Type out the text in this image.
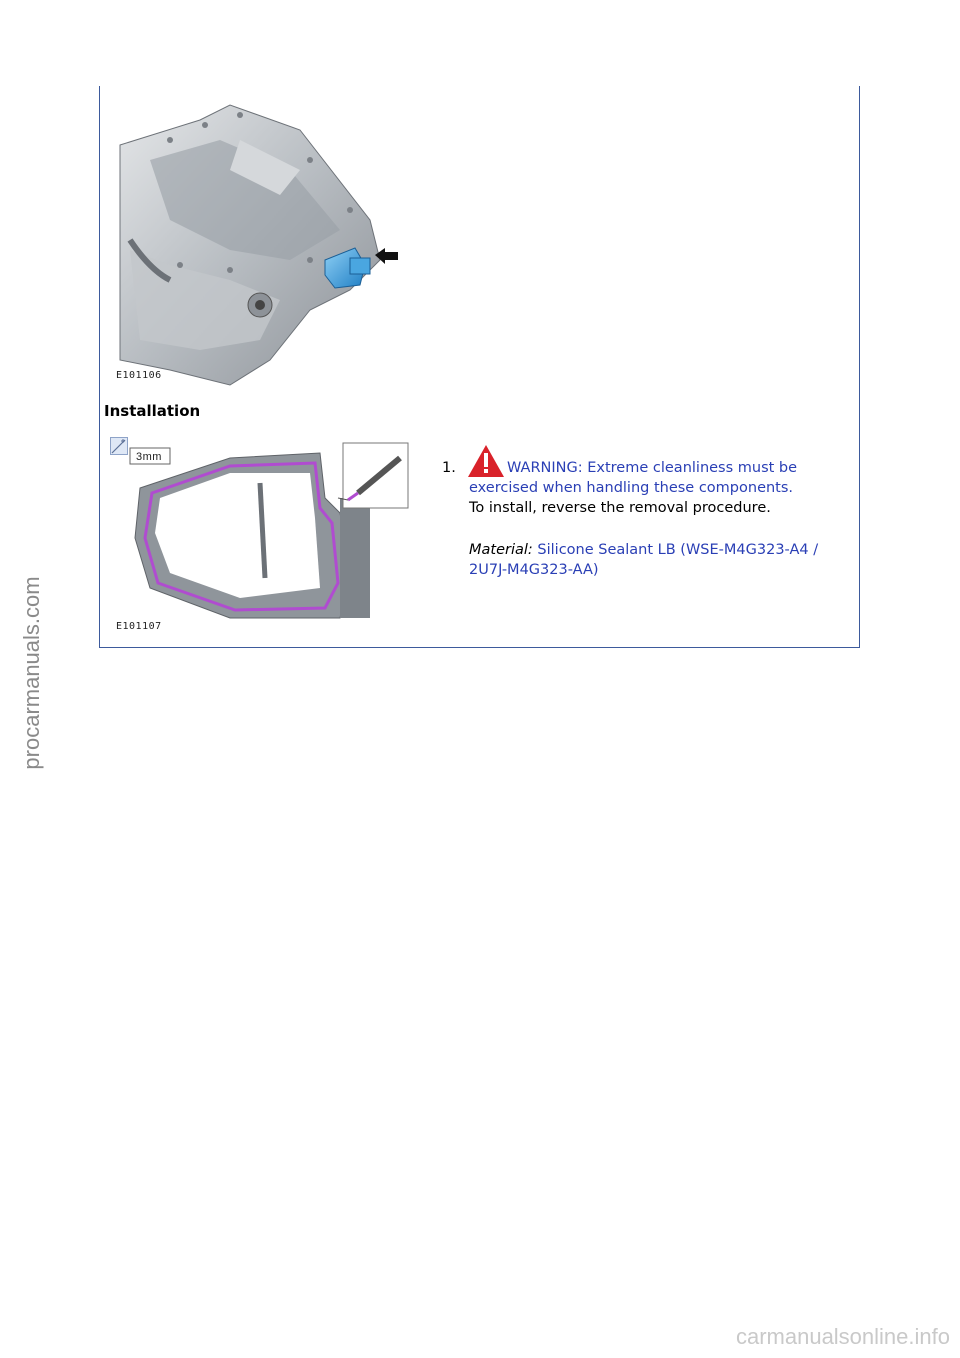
E101106
Installation
3mm
E101107
1.	WARNING: Extreme cleanliness must be exercised when handling these components.
To install, reverse the removal procedure.
Material: Silicone Sealant LB (WSE-M4G323-A4 / 2U7J-M4G323-AA)
procarmanuals.com
carmanualsonline.info
